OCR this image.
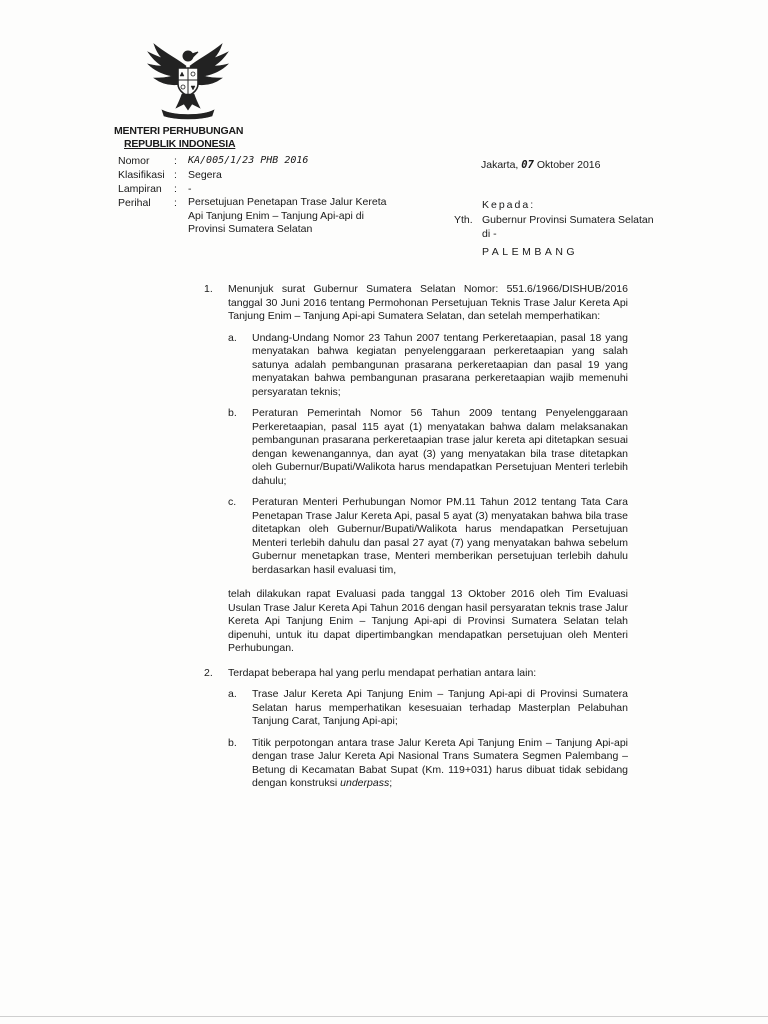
MENTERI PERHUBUNGAN
REPUBLIK INDONESIA
Nomor	:	KA/005/1/23 PHB 2016
Klasifikasi :	Segera
Lampiran	:	-
Perihal	:	Persetujuan Penetapan Trase Jalur Kereta Api Tanjung Enim – Tanjung Api-api di Provinsi Sumatera Selatan
Jakarta, 07 Oktober 2016
Kepada:
Yth. Gubernur Provinsi Sumatera Selatan
di -
PALEMBANG
1.	Menunjuk surat Gubernur Sumatera Selatan Nomor: 551.6/1966/DISHUB/2016 tanggal 30 Juni 2016 tentang Permohonan Persetujuan Teknis Trase Jalur Kereta Api Tanjung Enim – Tanjung Api-api Sumatera Selatan, dan setelah memperhatikan:
a.	Undang-Undang Nomor 23 Tahun 2007 tentang Perkeretaapian, pasal 18 yang menyatakan bahwa kegiatan penyelenggaraan perkeretaapian yang salah satunya adalah pembangunan prasarana perkeretaapian dan pasal 19 yang menyatakan bahwa pembangunan prasarana perkeretaapian wajib memenuhi persyaratan teknis;
b.	Peraturan Pemerintah Nomor 56 Tahun 2009 tentang Penyelenggaraan Perkeretaapian, pasal 115 ayat (1) menyatakan bahwa dalam melaksanakan pembangunan prasarana perkeretaapian trase jalur kereta api ditetapkan sesuai dengan kewenangannya, dan ayat (3) yang menyatakan bila trase ditetapkan oleh Gubernur/Bupati/Walikota harus mendapatkan Persetujuan Menteri terlebih dahulu;
c.	Peraturan Menteri Perhubungan Nomor PM.11 Tahun 2012 tentang Tata Cara Penetapan Trase Jalur Kereta Api, pasal 5 ayat (3) menyatakan bahwa bila trase ditetapkan oleh Gubernur/Bupati/Walikota harus mendapatkan Persetujuan Menteri terlebih dahulu dan pasal 27 ayat (7) yang menyatakan bahwa sebelum Gubernur menetapkan trase, Menteri memberikan persetujuan terlebih dahulu berdasarkan hasil evaluasi tim,
telah dilakukan rapat Evaluasi pada tanggal 13 Oktober 2016 oleh Tim Evaluasi Usulan Trase Jalur Kereta Api Tahun 2016 dengan hasil persyaratan teknis trase Jalur Kereta Api Tanjung Enim – Tanjung Api-api di Provinsi Sumatera Selatan telah dipenuhi, untuk itu dapat dipertimbangkan mendapatkan persetujuan oleh Menteri Perhubungan.
2.	Terdapat beberapa hal yang perlu mendapat perhatian antara lain:
a.	Trase Jalur Kereta Api Tanjung Enim – Tanjung Api-api di Provinsi Sumatera Selatan harus memperhatikan kesesuaian terhadap Masterplan Pelabuhan Tanjung Carat, Tanjung Api-api;
b.	Titik perpotongan antara trase Jalur Kereta Api Tanjung Enim – Tanjung Api-api dengan trase Jalur Kereta Api Nasional Trans Sumatera Segmen Palembang – Betung di Kecamatan Babat Supat (Km. 119+031) harus dibuat tidak sebidang dengan konstruksi underpass;
